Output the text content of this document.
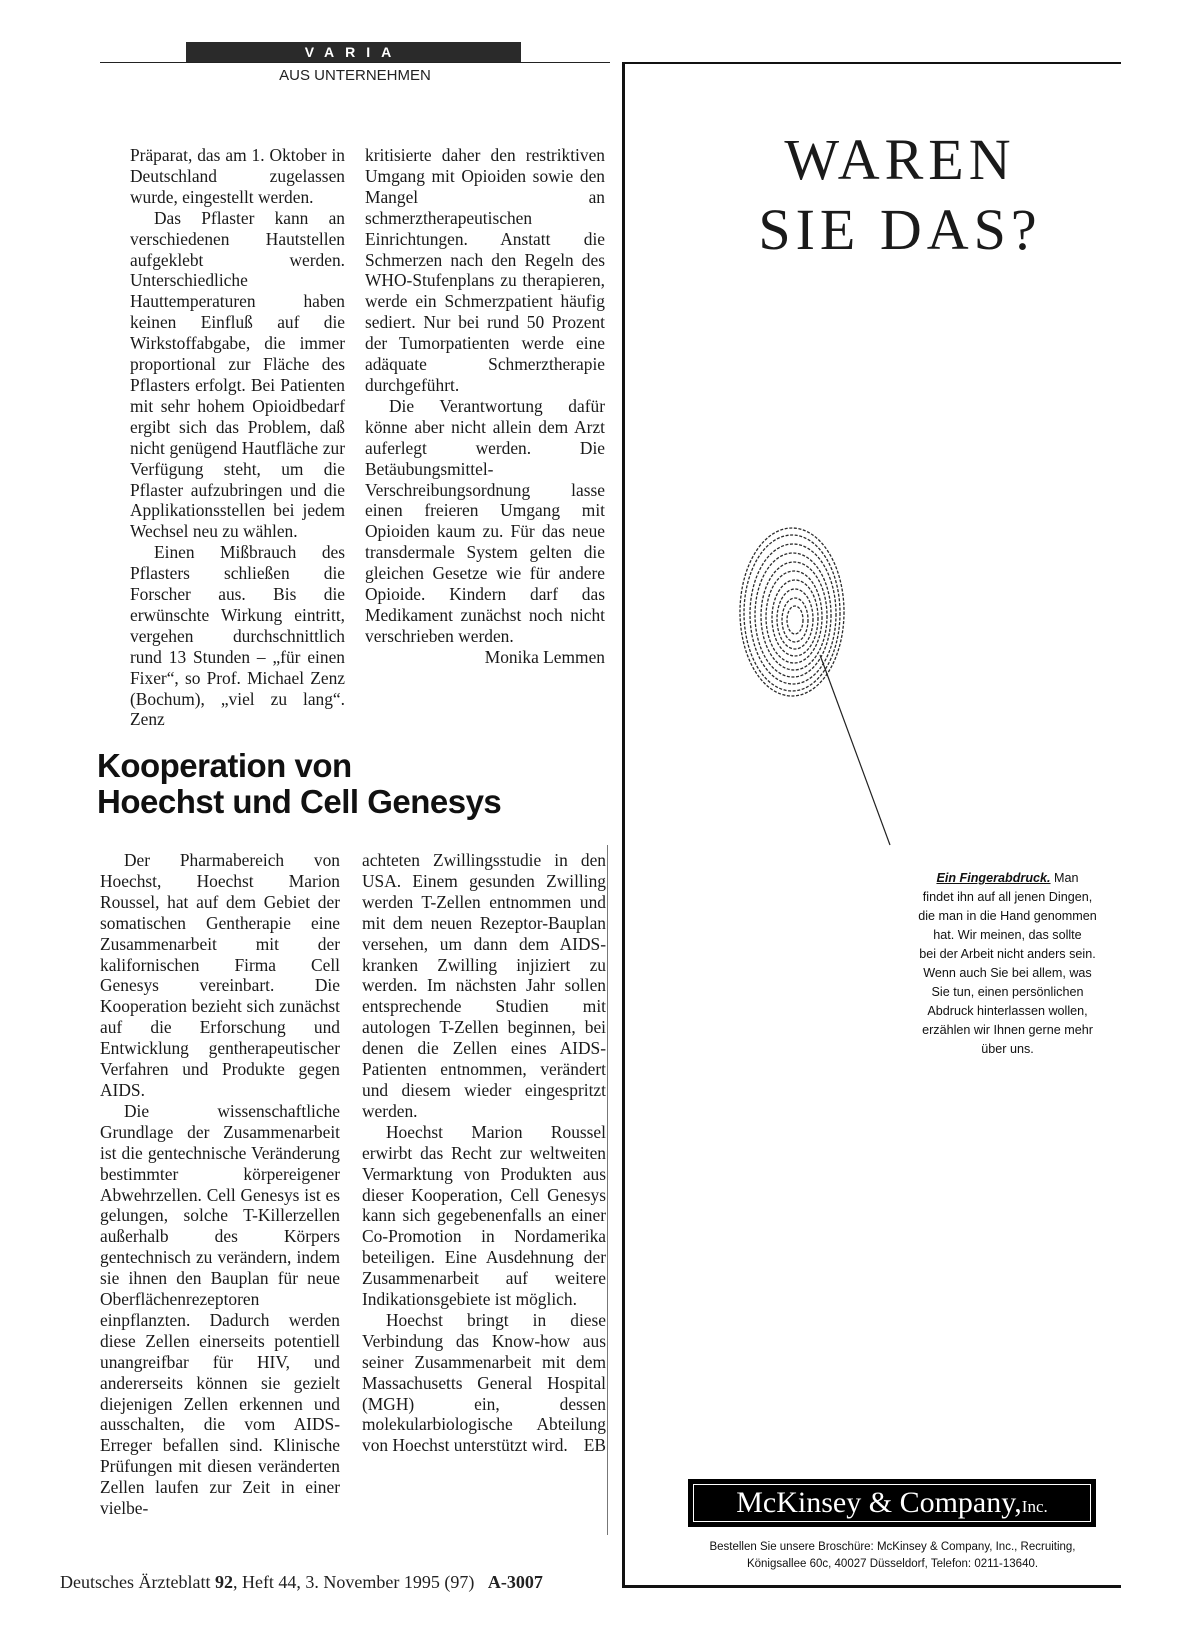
VARIA
AUS UNTERNEHMEN

Präparat, das am 1. Oktober in Deutschland zugelassen wurde, eingestellt werden.

Das Pflaster kann an verschiedenen Hautstellen aufgeklebt werden. Unterschiedliche Hauttemperaturen haben keinen Einfluß auf die Wirkstoffabgabe, die immer proportional zur Fläche des Pflasters erfolgt. Bei Patienten mit sehr hohem Opioidbedarf ergibt sich das Problem, daß nicht genügend Hautfläche zur Verfügung steht, um die Pflaster aufzubringen und die Applikationsstellen bei jedem Wechsel neu zu wählen.

Einen Mißbrauch des Pflasters schließen die Forscher aus. Bis die erwünschte Wirkung eintritt, vergehen durchschnittlich rund 13 Stunden – „für einen Fixer“, so Prof. Michael Zenz (Bochum), „viel zu lang“. Zenz

kritisierte daher den restriktiven Umgang mit Opioiden sowie den Mangel an schmerztherapeutischen Einrichtungen. Anstatt die Schmerzen nach den Regeln des WHO-Stufenplans zu therapieren, werde ein Schmerzpatient häufig sediert. Nur bei rund 50 Prozent der Tumorpatienten werde eine adäquate Schmerztherapie durchgeführt.

Die Verantwortung dafür könne aber nicht allein dem Arzt auferlegt werden. Die Betäubungsmittel-Verschreibungsordnung lasse einen freieren Umgang mit Opioiden kaum zu. Für das neue transdermale System gelten die gleichen Gesetze wie für andere Opioide. Kindern darf das Medikament zunächst noch nicht verschrieben werden.
Monika Lemmen

Kooperation von
Hoechst und Cell Genesys

Der Pharmabereich von Hoechst, Hoechst Marion Roussel, hat auf dem Gebiet der somatischen Gentherapie eine Zusammenarbeit mit der kalifornischen Firma Cell Genesys vereinbart. Die Kooperation bezieht sich zunächst auf die Erforschung und Entwicklung gentherapeutischer Verfahren und Produkte gegen AIDS.

Die wissenschaftliche Grundlage der Zusammenarbeit ist die gentechnische Veränderung bestimmter körpereigener Abwehrzellen. Cell Genesys ist es gelungen, solche T-Killerzellen außerhalb des Körpers gentechnisch zu verändern, indem sie ihnen den Bauplan für neue Oberflächenrezeptoren einpflanzten. Dadurch werden diese Zellen einerseits potentiell unangreifbar für HIV, und andererseits können sie gezielt diejenigen Zellen erkennen und ausschalten, die vom AIDS-Erreger befallen sind. Klinische Prüfungen mit diesen veränderten Zellen laufen zur Zeit in einer vielbe-

achteten Zwillingsstudie in den USA. Einem gesunden Zwilling werden T-Zellen entnommen und mit dem neuen Rezeptor-Bauplan versehen, um dann dem AIDS-kranken Zwilling injiziert zu werden. Im nächsten Jahr sollen entsprechende Studien mit autologen T-Zellen beginnen, bei denen die Zellen eines AIDS-Patienten entnommen, verändert und diesem wieder eingespritzt werden.

Hoechst Marion Roussel erwirbt das Recht zur weltweiten Vermarktung von Produkten aus dieser Kooperation, Cell Genesys kann sich gegebenenfalls an einer Co-Promotion in Nordamerika beteiligen. Eine Ausdehnung der Zusammenarbeit auf weitere Indikationsgebiete ist möglich.

Hoechst bringt in diese Verbindung das Know-how aus seiner Zusammenarbeit mit dem Massachusetts General Hospital (MGH) ein, dessen molekularbiologische Abteilung von Hoechst unterstützt wird. EB

Deutsches Ärzteblatt 92, Heft 44, 3. November 1995 (97) A-3007
WAREN
SIE DAS?
Ein Fingerabdruck. Man
findet ihn auf all jenen Dingen,
die man in die Hand genommen
hat. Wir meinen, das sollte
bei der Arbeit nicht anders sein.
Wenn auch Sie bei allem, was
Sie tun, einen persönlichen
Abdruck hinterlassen wollen,
erzählen wir Ihnen gerne mehr
über uns.
McKinsey & Company,Inc.
Bestellen Sie unsere Broschüre: McKinsey & Company, Inc., Recruiting,
Königsallee 60c, 40027 Düsseldorf, Telefon: 0211-13640.
